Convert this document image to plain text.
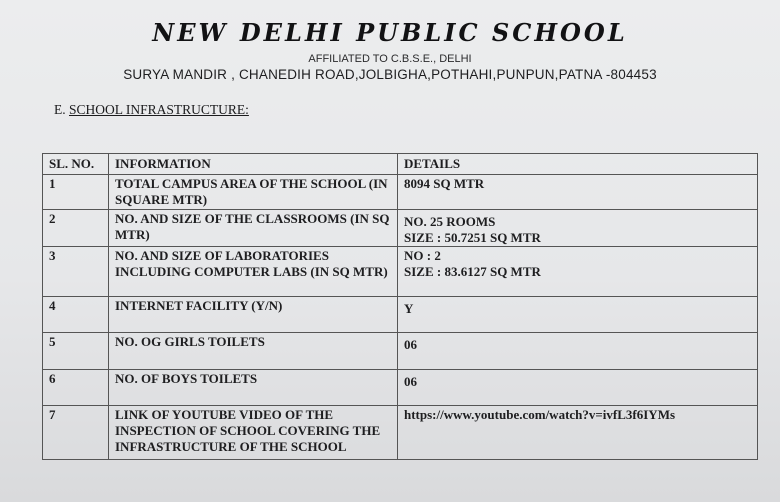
NEW DELHI PUBLIC SCHOOL
AFFILIATED TO C.B.S.E., DELHI
SURYA MANDIR , CHANEDIH ROAD,JOLBIGHA,POTHAHI,PUNPUN,PATNA -804453
E. SCHOOL INFRASTRUCTURE:
SL. NO.	INFORMATION	DETAILS
1	TOTAL CAMPUS AREA OF THE SCHOOL (IN SQUARE MTR)	8094 SQ MTR

2	NO. AND SIZE OF THE CLASSROOMS (IN SQ MTR)	NO. 25 ROOMS
SIZE : 50.7251 SQ MTR

3	NO. AND SIZE OF LABORATORIES INCLUDING COMPUTER LABS (IN SQ MTR)	NO : 2
SIZE : 83.6127 SQ MTR

4	INTERNET FACILITY (Y/N)	Y

5	NO. OG GIRLS TOILETS	06

6	NO. OF BOYS TOILETS	06

7	LINK OF YOUTUBE VIDEO OF THE INSPECTION OF SCHOOL COVERING THE INFRASTRUCTURE OF THE SCHOOL	https://www.youtube.com/watch?v=ivfL3f6IYMs
